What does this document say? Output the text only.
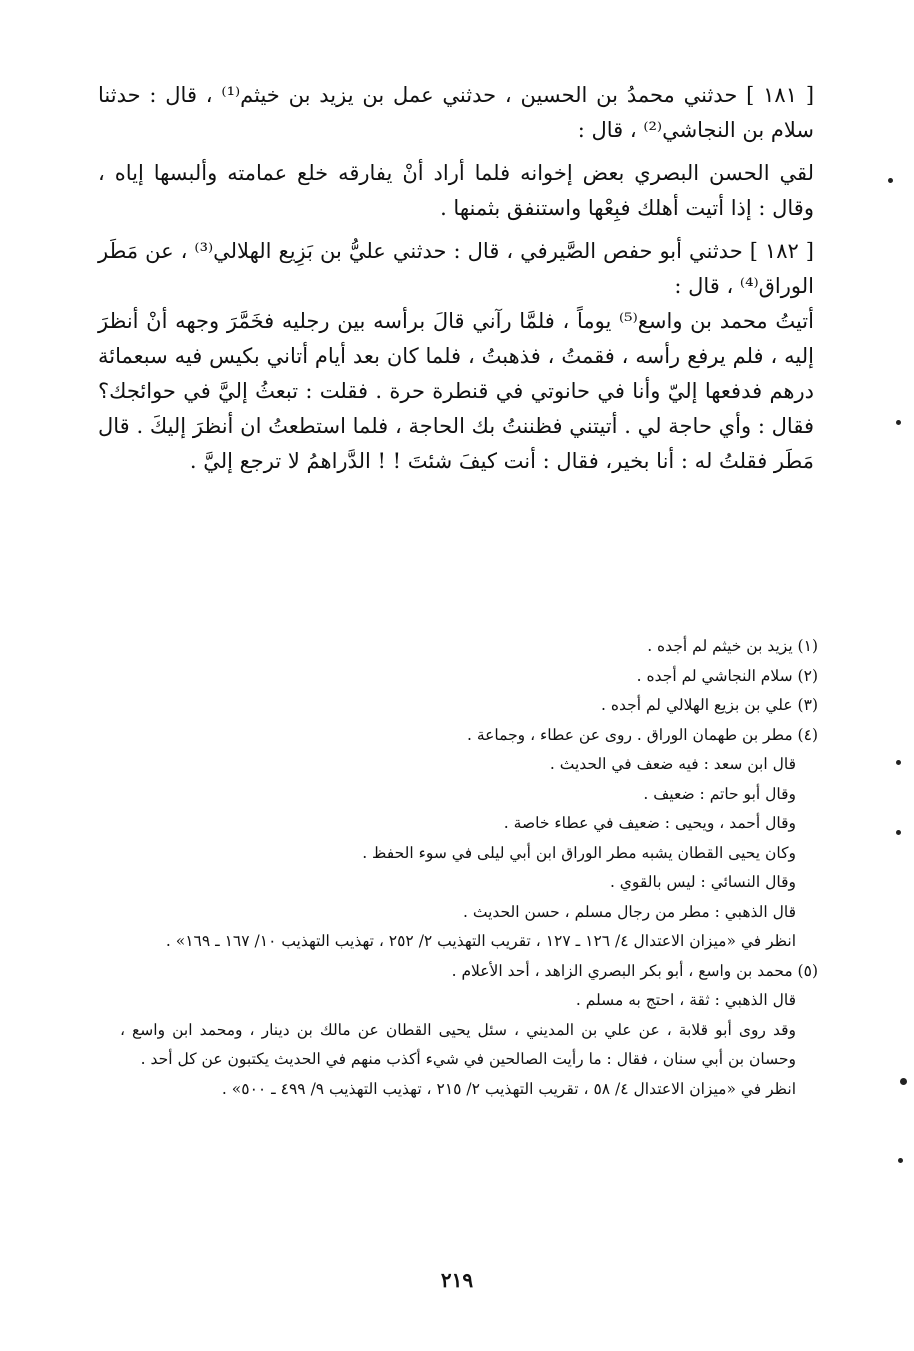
[ ١٨١ ] حدثني محمدُ بن الحسين ، حدثني عمل بن يزيد بن خيثم⁽¹⁾ ، قال : حدثنا سلام بن النجاشي⁽²⁾ ، قال :

لقي الحسن البصري بعض إخوانه فلما أراد أنْ يفارقه خلع عمامته وألبسها إياه ، وقال : إذا أتيت أهلك فبِعْها واستنفق بثمنها .

[ ١٨٢ ] حدثني أبو حفص الصَّيرفي ، قال : حدثني عليُّ بن بَزِيع الهلالي⁽³⁾ ، عن مَطَر الوراق⁽⁴⁾ ، قال :

أتيتُ محمد بن واسع⁽⁵⁾ يوماً ، فلمَّا رآني قالَ برأسه بين رجليه فخَمَّرَ وجهه أنْ أنظرَ إليه ، فلم يرفع رأسه ، فقمتُ ، فذهبتُ ، فلما كان بعد أيام أتاني بكيس فيه سبعمائة درهم فدفعها إليّ وأنا في حانوتي في قنطرة حرة . فقلت : تبعثُ إليَّ في حوائجك؟ فقال : وأي حاجة لي . أتيتني فظننتُ بك الحاجة ، فلما استطعتُ ان أنظرَ إليكَ . قال مَطَر فقلتُ له : أنا بخير، فقال : أنت كيفَ شئتَ ! ! الدَّراهمُ لا ترجع إليَّ .

(١) يزيد بن خيثم لم أجده .

(٢) سلام النجاشي لم أجده .

(٣) علي بن بزيع الهلالي لم أجده .

(٤) مطر بن طهمان الوراق . روى عن عطاء ، وجماعة .

قال ابن سعد : فيه ضعف في الحديث .

وقال أبو حاتم : ضعيف .

وقال أحمد ، ويحيى : ضعيف في عطاء خاصة .

وكان يحيى القطان يشبه مطر الوراق ابن أبي ليلى في سوء الحفظ .

وقال النسائي : ليس بالقوي .

قال الذهبي : مطر من رجال مسلم ، حسن الحديث .

انظر في «ميزان الاعتدال ٤/ ١٢٦ ـ ١٢٧ ، تقريب التهذيب ٢/ ٢٥٢ ، تهذيب التهذيب ١٠/ ١٦٧ ـ ١٦٩» .

(٥) محمد بن واسع ، أبو بكر البصري الزاهد ، أحد الأعلام .

قال الذهبي : ثقة ، احتج به مسلم .

وقد روى أبو قلابة ، عن علي بن المديني ، سئل يحيى القطان عن مالك بن دينار ، ومحمد ابن واسع ، وحسان بن أبي سنان ، فقال : ما رأيت الصالحين في شيء أكذب منهم في الحديث يكتبون عن كل أحد .

انظر في «ميزان الاعتدال ٤/ ٥٨ ، تقريب التهذيب ٢/ ٢١٥ ، تهذيب التهذيب ٩/ ٤٩٩ ـ ٥٠٠» .

٢١٩
